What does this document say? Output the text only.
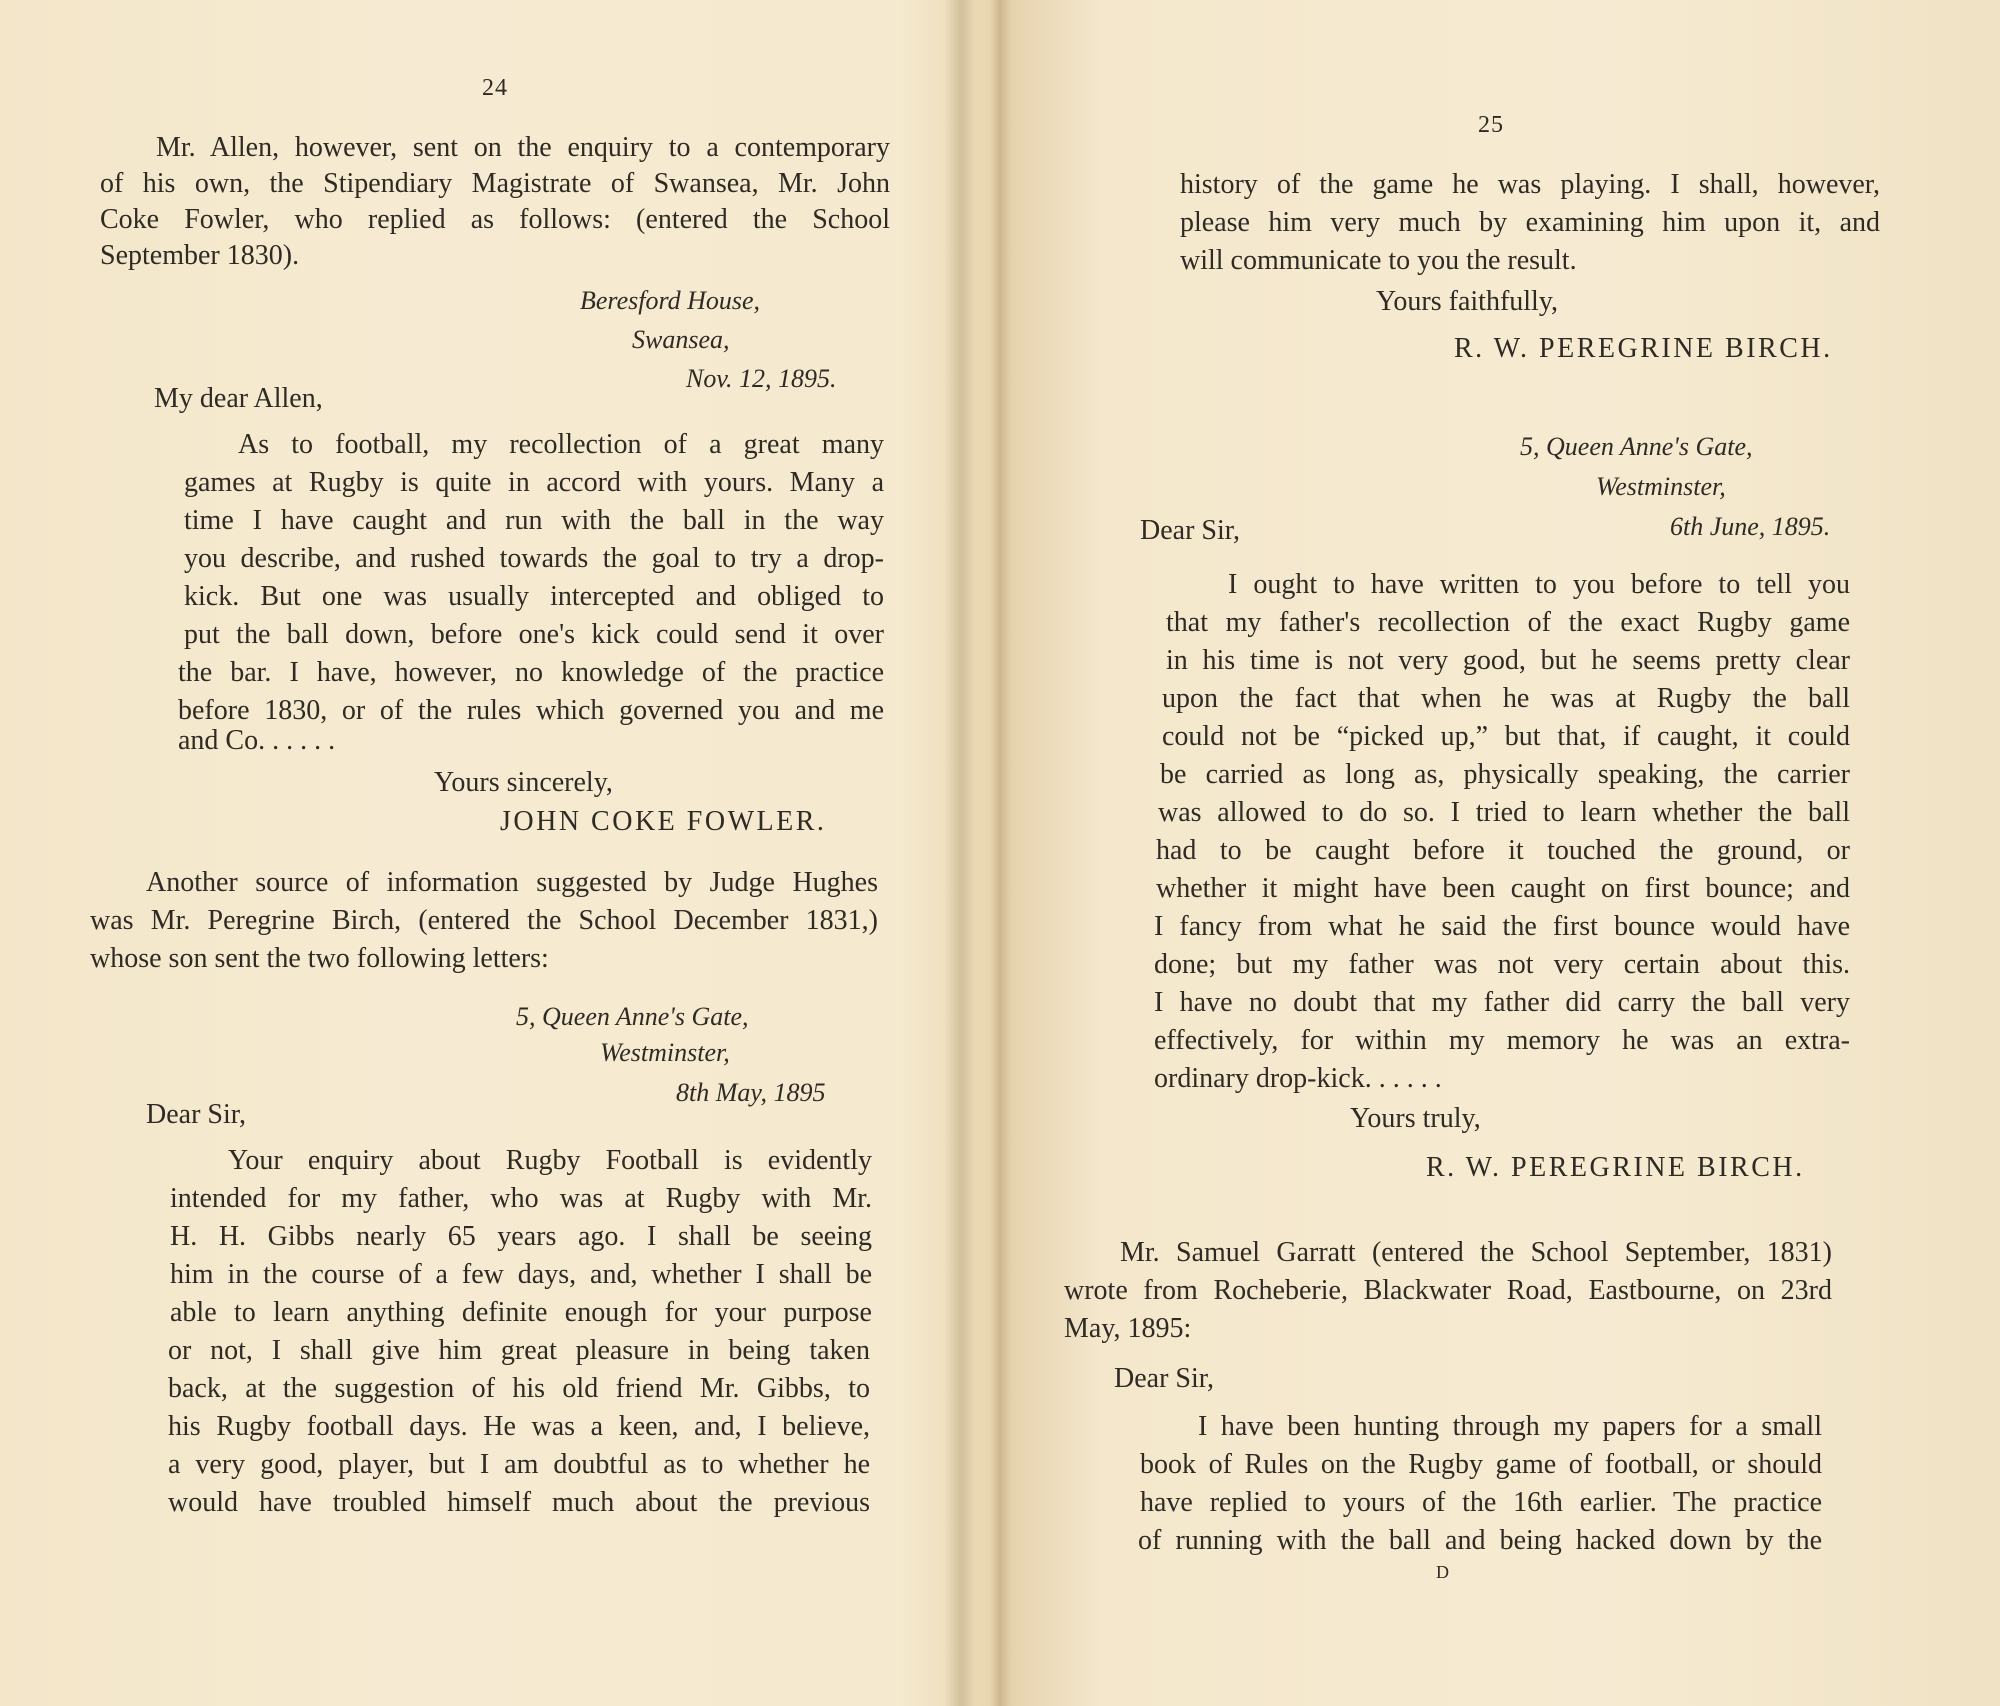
24
Mr. Allen, however, sent on the enquiry to a contemporary
of his own, the Stipendiary Magistrate of Swansea, Mr. John
Coke Fowler, who replied as follows: (entered the School
September 1830).
Beresford House,
Swansea,
Nov. 12, 1895.
My dear Allen,
As to football, my recollection of a great many
games at Rugby is quite in accord with yours. Many a
time I have caught and run with the ball in the way
you describe, and rushed towards the goal to try a drop-
kick. But one was usually intercepted and obliged to
put the ball down, before one's kick could send it over
the bar. I have, however, no knowledge of the practice
before 1830, or of the rules which governed you and me
and Co. . . . . .
Yours sincerely,
JOHN COKE FOWLER.
Another source of information suggested by Judge Hughes
was Mr. Peregrine Birch, (entered the School December 1831,)
whose son sent the two following letters:
5, Queen Anne's Gate,
Westminster,
8th May, 1895
Dear Sir,
Your enquiry about Rugby Football is evidently
intended for my father, who was at Rugby with Mr.
H. H. Gibbs nearly 65 years ago. I shall be seeing
him in the course of a few days, and, whether I shall be
able to learn anything definite enough for your purpose
or not, I shall give him great pleasure in being taken
back, at the suggestion of his old friend Mr. Gibbs, to
his Rugby football days. He was a keen, and, I believe,
a very good, player, but I am doubtful as to whether he
would have troubled himself much about the previous
25
history of the game he was playing. I shall, however,
please him very much by examining him upon it, and
will communicate to you the result.
Yours faithfully,
R. W. PEREGRINE BIRCH.
5, Queen Anne's Gate,
Westminster,
6th June, 1895.
Dear Sir,
I ought to have written to you before to tell you
that my father's recollection of the exact Rugby game
in his time is not very good, but he seems pretty clear
upon the fact that when he was at Rugby the ball
could not be “picked up,” but that, if caught, it could
be carried as long as, physically speaking, the carrier
was allowed to do so. I tried to learn whether the ball
had to be caught before it touched the ground, or
whether it might have been caught on first bounce; and
I fancy from what he said the first bounce would have
done; but my father was not very certain about this.
I have no doubt that my father did carry the ball very
effectively, for within my memory he was an extra-
ordinary drop-kick. . . . . .
Yours truly,
R. W. PEREGRINE BIRCH.
Mr. Samuel Garratt (entered the School September, 1831)
wrote from Rocheberie, Blackwater Road, Eastbourne, on 23rd
May, 1895:
Dear Sir,
I have been hunting through my papers for a small
book of Rules on the Rugby game of football, or should
have replied to yours of the 16th earlier. The practice
of running with the ball and being hacked down by the
D
